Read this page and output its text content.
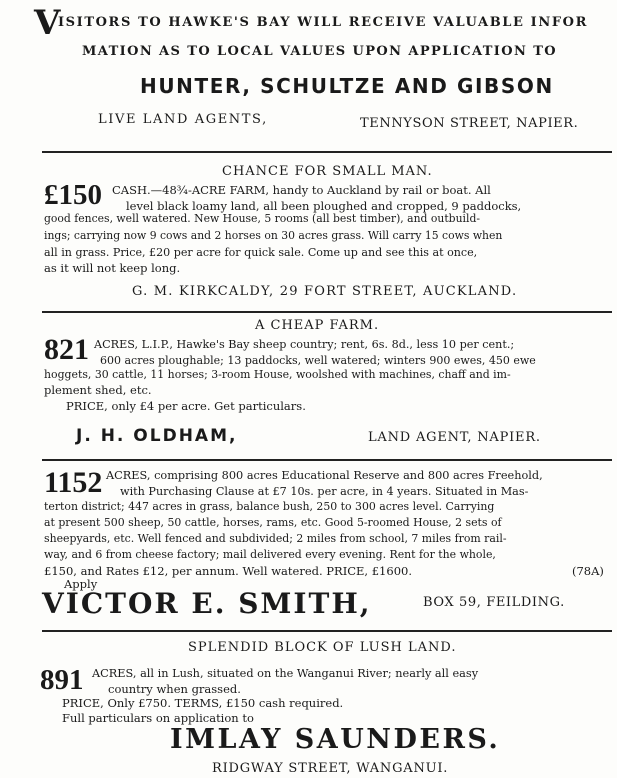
V
ISITORS TO HAWKE'S BAY WILL RECEIVE VALUABLE INFOR
MATION AS TO LOCAL VALUES UPON APPLICATION TO
HUNTER, SCHULTZE AND GIBSON
LIVE LAND AGENTS,	TENNYSON STREET, NAPIER.
CHANCE FOR SMALL MAN.
£150 CASH.—48¾-ACRE FARM, handy to Auckland by rail or boat. All
level black loamy land, all been ploughed and cropped, 9 paddocks,
good fences, well watered. New House, 5 rooms (all best timber), and outbuild-
ings; carrying now 9 cows and 2 horses on 30 acres grass. Will carry 15 cows when
all in grass. Price, £20 per acre for quick sale. Come up and see this at once,
as it will not keep long.
G. M. KIRKCALDY, 29 FORT STREET, AUCKLAND.
A CHEAP FARM.
821 ACRES, L.I.P., Hawke's Bay sheep country; rent, 6s. 8d., less 10 per cent.;
600 acres ploughable; 13 paddocks, well watered; winters 900 ewes, 450 ewe
hoggets, 30 cattle, 11 horses; 3-room House, woolshed with machines, chaff and im-
plement shed, etc.
PRICE, only £4 per acre. Get particulars.
J. H. OLDHAM,	LAND AGENT, NAPIER.
1152 ACRES, comprising 800 acres Educational Reserve and 800 acres Freehold,
with Purchasing Clause at £7 10s. per acre, in 4 years. Situated in Mas-
terton district; 447 acres in grass, balance bush, 250 to 300 acres level. Carrying
at present 500 sheep, 50 cattle, horses, rams, etc. Good 5-roomed House, 2 sets of
sheepyards, etc. Well fenced and subdivided; 2 miles from school, 7 miles from rail-
way, and 6 from cheese factory; mail delivered every evening. Rent for the whole,
£150, and Rates £12, per annum. Well watered. PRICE, £1600.	(78A)
Apply
VICTOR E. SMITH,	BOX 59, FEILDING.
SPLENDID BLOCK OF LUSH LAND.
891 ACRES, all in Lush, situated on the Wanganui River; nearly all easy
country when grassed.
PRICE, Only £750. TERMS, £150 cash required.
Full particulars on application to
IMLAY SAUNDERS.
RIDGWAY STREET, WANGANUI.
